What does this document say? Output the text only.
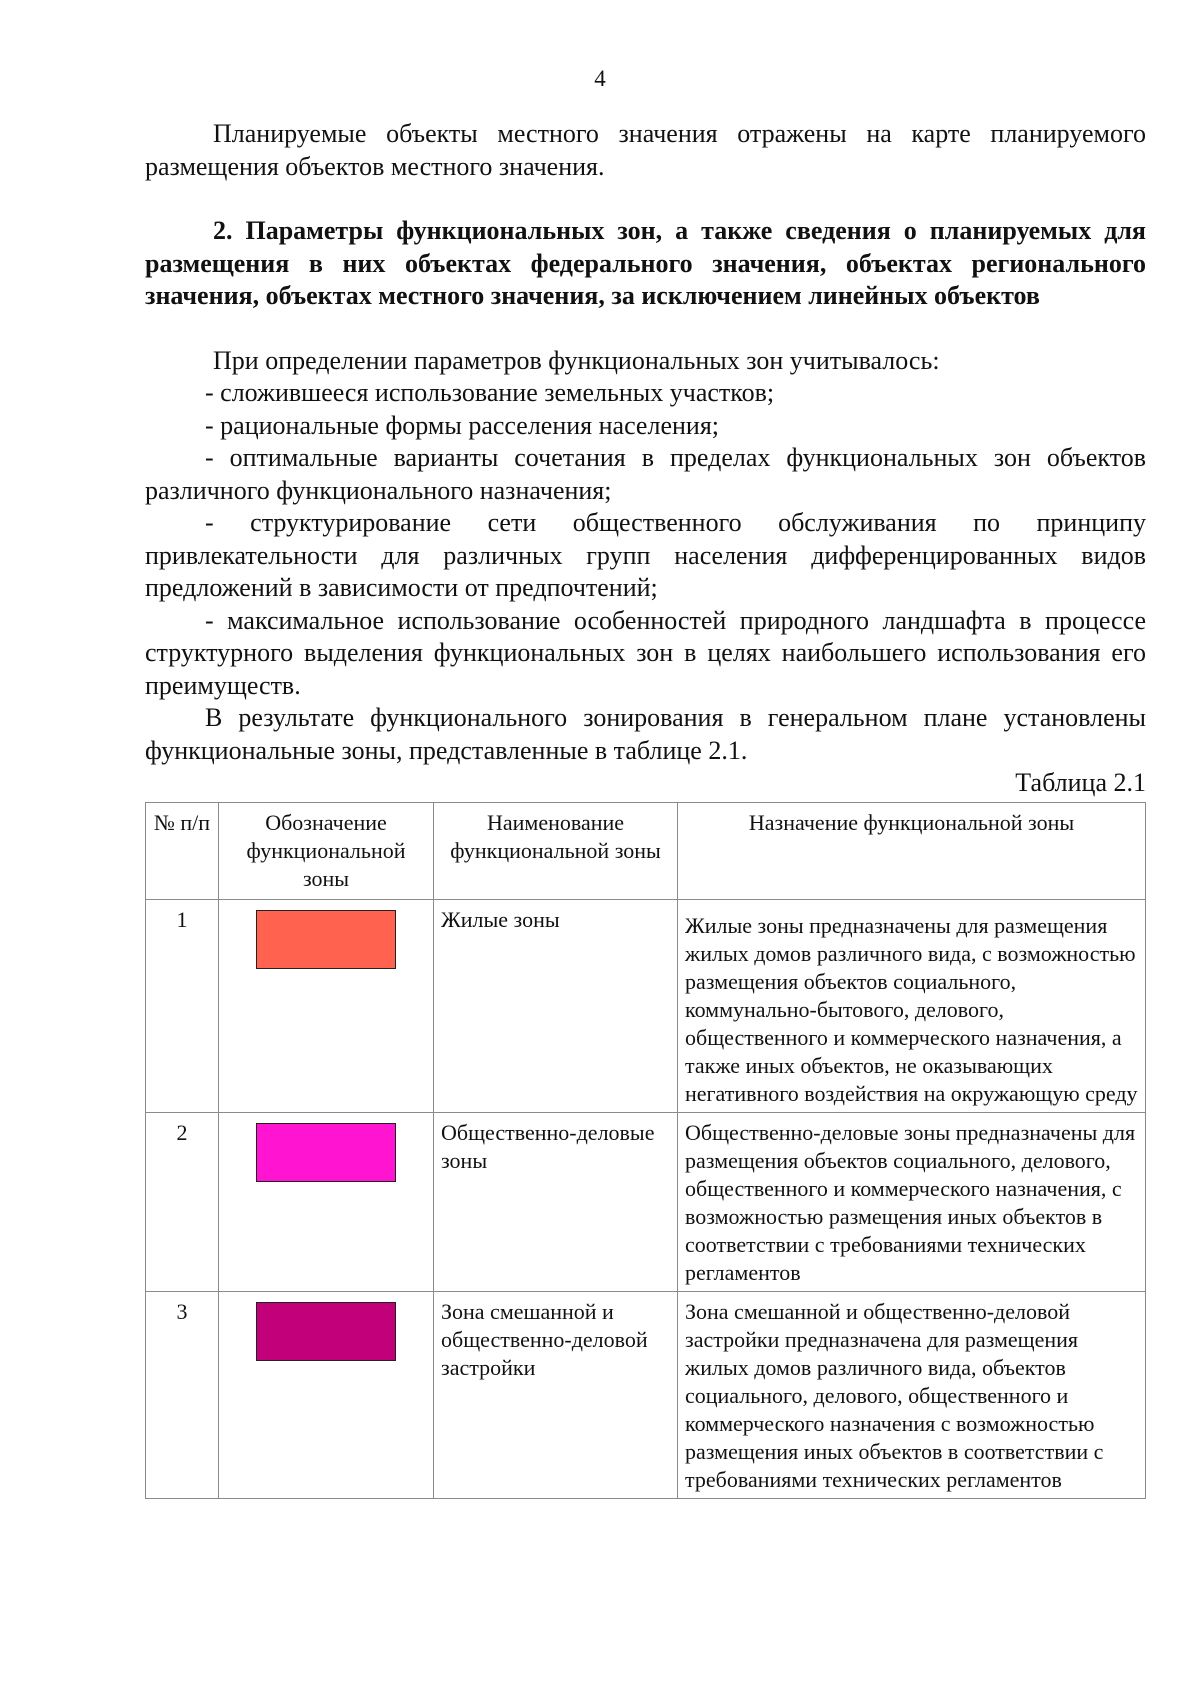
4

Планируемые объекты местного значения отражены на карте планируемого размещения объектов местного значения.

2. Параметры функциональных зон, а также сведения о планируемых для размещения в них объектах федерального значения, объектах регионального значения, объектах местного значения, за исключением линейных объектов

При определении параметров функциональных зон учитывалось:

- сложившееся использование земельных участков;

- рациональные формы расселения населения;

- оптимальные варианты сочетания в пределах функциональных зон объектов различного функционального назначения;

- структурирование сети общественного обслуживания по принципу привлекательности для различных групп населения дифференцированных видов предложений в зависимости от предпочтений;

- максимальное использование особенностей природного ландшафта в процессе структурного выделения функциональных зон в целях наибольшего использования его преимуществ.

В результате функционального зонирования в генеральном плане установлены функциональные зоны, представленные в таблице 2.1.

Таблица 2.1

№ п/п	Обозначение функциональной зоны	Наименование функциональной зоны	Назначение функциональной зоны
1		Жилые зоны	Жилые зоны предназначены для размещения жилых домов различного вида, с возможностью размещения объектов социального, коммунально-бытового, делового, общественного и коммерческого назначения, а также иных объектов, не оказывающих негативного воздействия на окружающую среду
2		Общественно-деловые зоны	Общественно-деловые зоны предназначены для размещения объектов социального, делового, общественного и коммерческого назначения, с возможностью размещения иных объектов в соответствии с требованиями технических регламентов
3		Зона смешанной и общественно-деловой застройки	Зона смешанной и общественно-деловой застройки предназначена для размещения жилых домов различного вида, объектов социального, делового, общественного и коммерческого назначения с возможностью размещения иных объектов в соответствии с требованиями технических регламентов
